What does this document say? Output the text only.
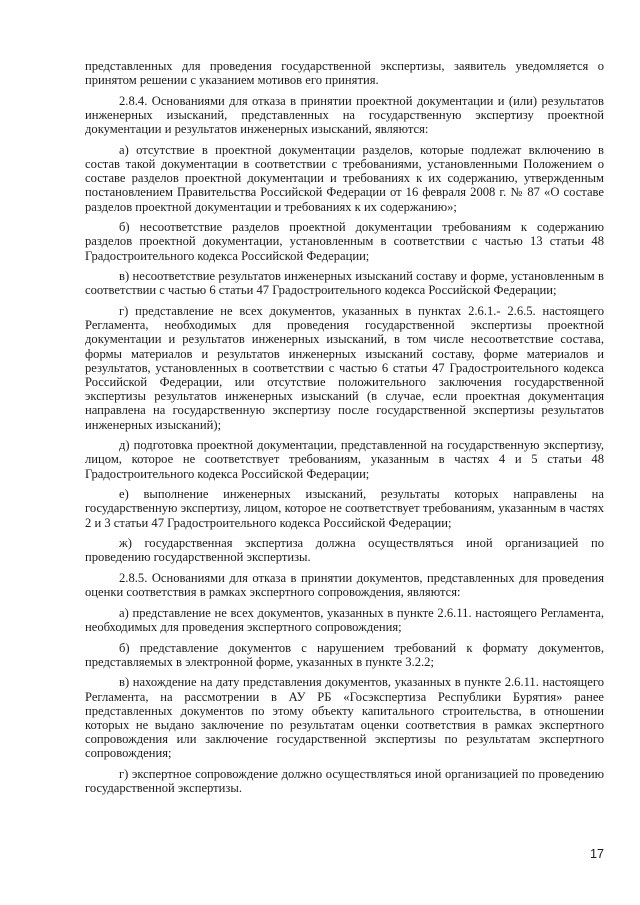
представленных для проведения государственной экспертизы, заявитель уведомляется о принятом решении с указанием мотивов его принятия.

2.8.4. Основаниями для отказа в принятии проектной документации и (или) результатов инженерных изысканий, представленных на государственную экспертизу проектной документации и результатов инженерных изысканий, являются:

а) отсутствие в проектной документации разделов, которые подлежат включению в состав такой документации в соответствии с требованиями, установленными Положением о составе разделов проектной документации и требованиях к их содержанию, утвержденным постановлением Правительства Российской Федерации от 16 февраля 2008 г. № 87 «О составе разделов проектной документации и требованиях к их содержанию»;

б) несоответствие разделов проектной документации требованиям к содержанию разделов проектной документации, установленным в соответствии с частью 13 статьи 48 Градостроительного кодекса Российской Федерации;

в) несоответствие результатов инженерных изысканий составу и форме, установленным в соответствии с частью 6 статьи 47 Градостроительного кодекса Российской Федерации;

г) представление не всех документов, указанных в пунктах 2.6.1.- 2.6.5. настоящего Регламента, необходимых для проведения государственной экспертизы проектной документации и результатов инженерных изысканий, в том числе несоответствие состава, формы материалов и результатов инженерных изысканий составу, форме материалов и результатов, установленных в соответствии с частью 6 статьи 47 Градостроительного кодекса Российской Федерации, или отсутствие положительного заключения государственной экспертизы результатов инженерных изысканий (в случае, если проектная документация направлена на государственную экспертизу после государственной экспертизы результатов инженерных изысканий);

д) подготовка проектной документации, представленной на государственную экспертизу, лицом, которое не соответствует требованиям, указанным в частях 4 и 5 статьи 48 Градостроительного кодекса Российской Федерации;

е) выполнение инженерных изысканий, результаты которых направлены на государственную экспертизу, лицом, которое не соответствует требованиям, указанным в частях 2 и 3 статьи 47 Градостроительного кодекса Российской Федерации;

ж) государственная экспертиза должна осуществляться иной организацией по проведению государственной экспертизы.

2.8.5. Основаниями для отказа в принятии документов, представленных для проведения оценки соответствия в рамках экспертного сопровождения, являются:

а) представление не всех документов, указанных в пункте 2.6.11. настоящего Регламента, необходимых для проведения экспертного сопровождения;

б) представление документов с нарушением требований к формату документов, представляемых в электронной форме, указанных в пункте 3.2.2;

в) нахождение на дату представления документов, указанных в пункте 2.6.11. настоящего Регламента, на рассмотрении в АУ РБ «Госэкспертиза Республики Бурятия» ранее представленных документов по этому объекту капитального строительства, в отношении которых не выдано заключение по результатам оценки соответствия в рамках экспертного сопровождения или заключение государственной экспертизы по результатам экспертного сопровождения;

г) экспертное сопровождение должно осуществляться иной организацией по проведению государственной экспертизы.

17
